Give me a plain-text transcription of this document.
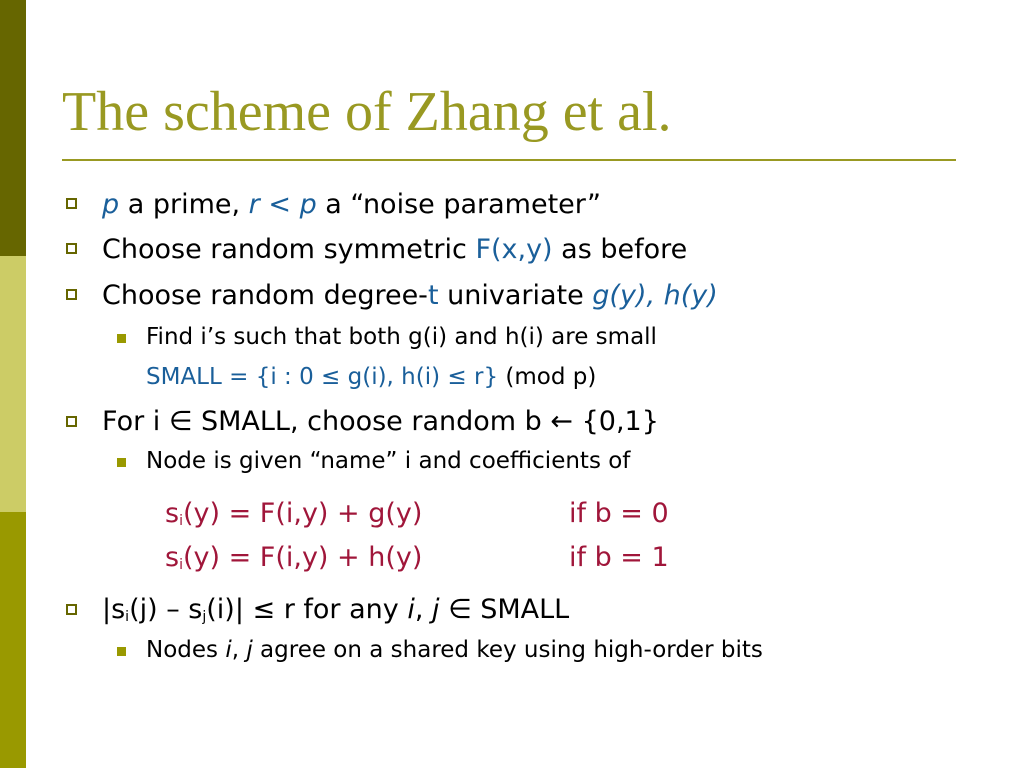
The scheme of Zhang et al.
p a prime, r < p a “noise parameter”
Choose random symmetric F(x,y) as before
Choose random degree-t univariate g(y), h(y)
Find i’s such that both g(i) and h(i) are small
SMALL = {i : 0 ≤ g(i), h(i) ≤ r} (mod p)
For i ∈ SMALL, choose random b ← {0,1}
Node is given “name” i and coefficients of
$s_i(y) = F(i,y) + g(y)$	if b = 0
$s_i(y) = F(i,y) + h(y)$	if b = 1
$|s_i(j) - s_j(i)| \le r$ for any i, j ∈ SMALL
Nodes i, j agree on a shared key using high-order bits
